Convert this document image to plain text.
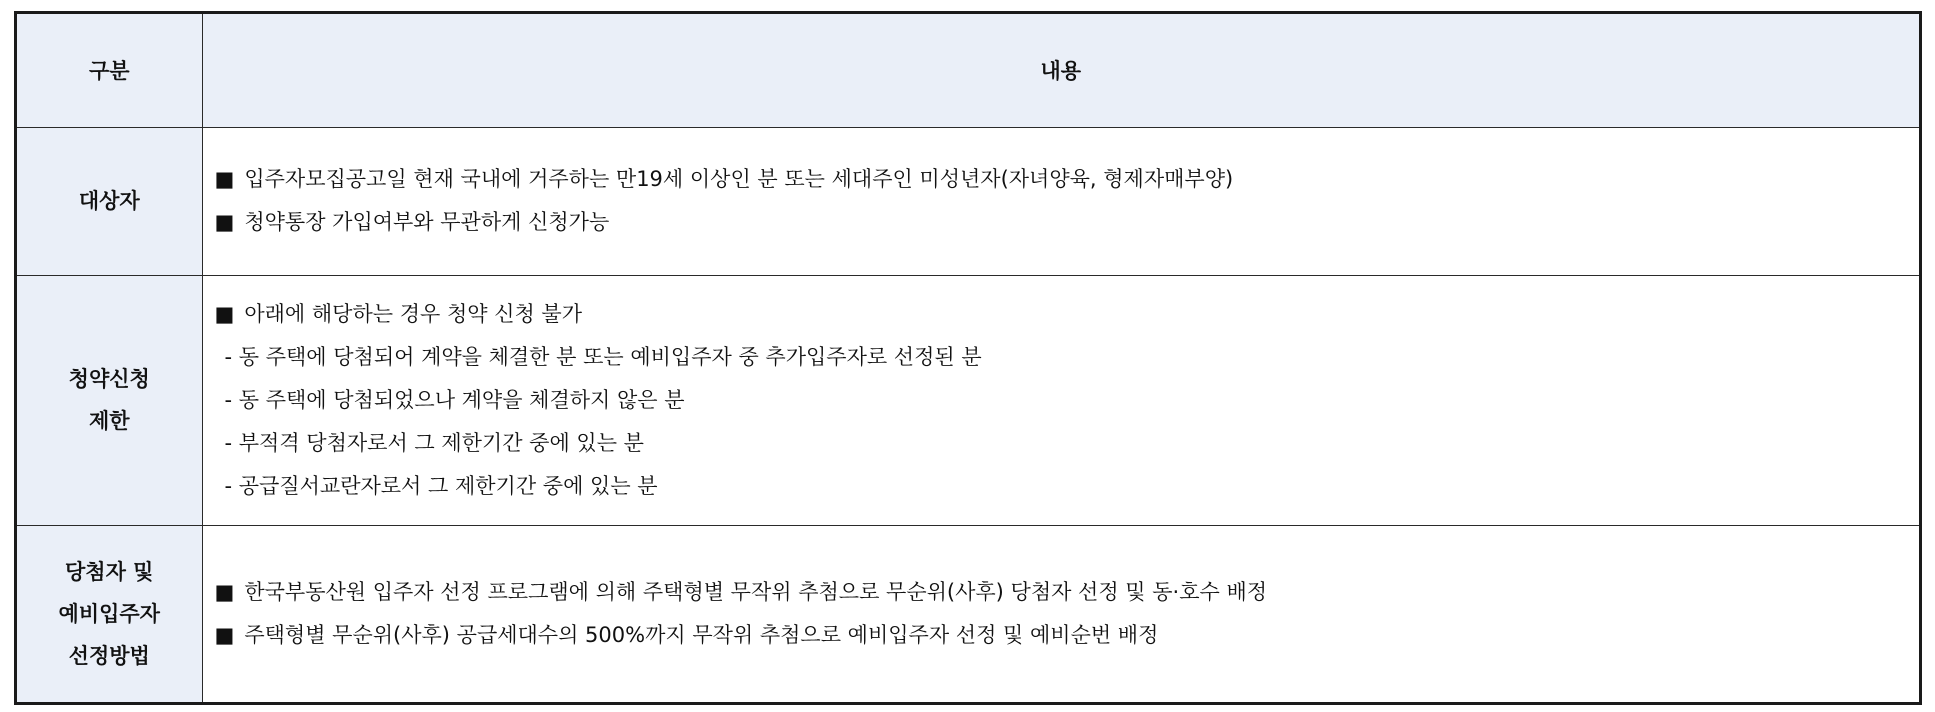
구분	내용

대상자	■ 입주자모집공고일 현재 국내에 거주하는 만19세 이상인 분 또는 세대주인 미성년자(자녀양육, 형제자매부양)
■ 청약통장 가입여부와 무관하게 신청가능

청약신청
제한	■ 아래에 해당하는 경우 청약 신청 불가
- 동 주택에 당첨되어 계약을 체결한 분 또는 예비입주자 중 추가입주자로 선정된 분
- 동 주택에 당첨되었으나 계약을 체결하지 않은 분
- 부적격 당첨자로서 그 제한기간 중에 있는 분
- 공급질서교란자로서 그 제한기간 중에 있는 분

당첨자 및
예비입주자
선정방법	■ 한국부동산원 입주자 선정 프로그램에 의해 주택형별 무작위 추첨으로 무순위(사후) 당첨자 선정 및 동·호수 배정
■ 주택형별 무순위(사후) 공급세대수의 500%까지 무작위 추첨으로 예비입주자 선정 및 예비순번 배정
